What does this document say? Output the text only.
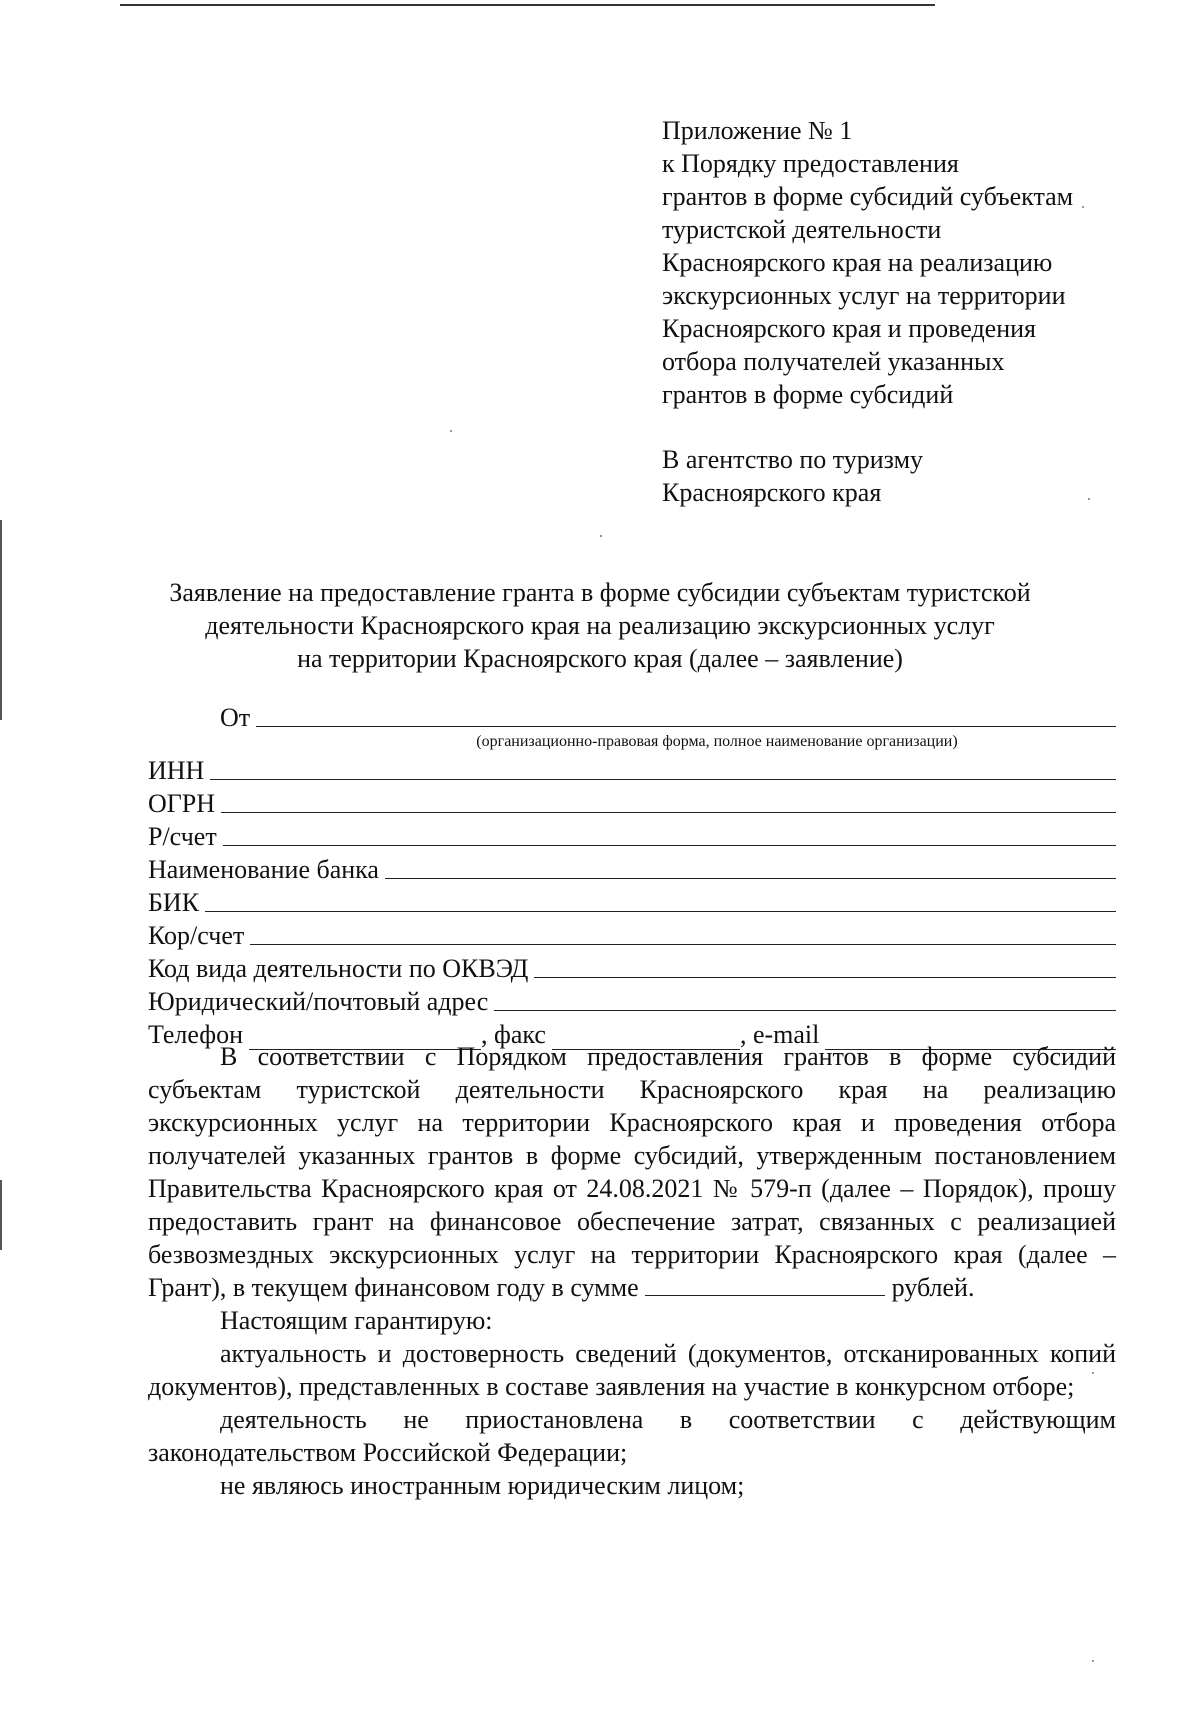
Приложение № 1
к Порядку предоставления
грантов в форме субсидий субъектам
туристской деятельности
Красноярского края на реализацию
экскурсионных услуг на территории
Красноярского края и проведения
отбора получателей указанных
грантов в форме субсидий
В агентство по туризму
Красноярского края
Заявление на предоставление гранта в форме субсидии субъектам туристской
деятельности Красноярского края на реализацию экскурсионных услуг
на территории Красноярского края (далее – заявление)
От
(организационно-правовая форма, полное наименование организации)
ИНН
ОГРН
Р/счет
Наименование банка
БИК
Кор/счет
Код вида деятельности по ОКВЭД
Юридический/почтовый адрес
Телефон	, факс	, e-mail

В соответствии с Порядком предоставления грантов в форме субсидий субъектам туристской деятельности Красноярского края на реализацию экскурсионных услуг на территории Красноярского края и проведения отбора получателей указанных грантов в форме субсидий, утвержденным постановлением Правительства Красноярского края от 24.08.2021 № 579-п (далее – Порядок), прошу предоставить грант на финансовое обеспечение затрат, связанных с реализацией безвозмездных экскурсионных услуг на территории Красноярского края (далее – Грант), в текущем финансовом году в сумме	рублей.

Настоящим гарантирую:

актуальность и достоверность сведений (документов, отсканированных копий документов), представленных в составе заявления на участие в конкурсном отборе;

деятельность не приостановлена в соответствии с действующим законодательством Российской Федерации;

не являюсь иностранным юридическим лицом;
